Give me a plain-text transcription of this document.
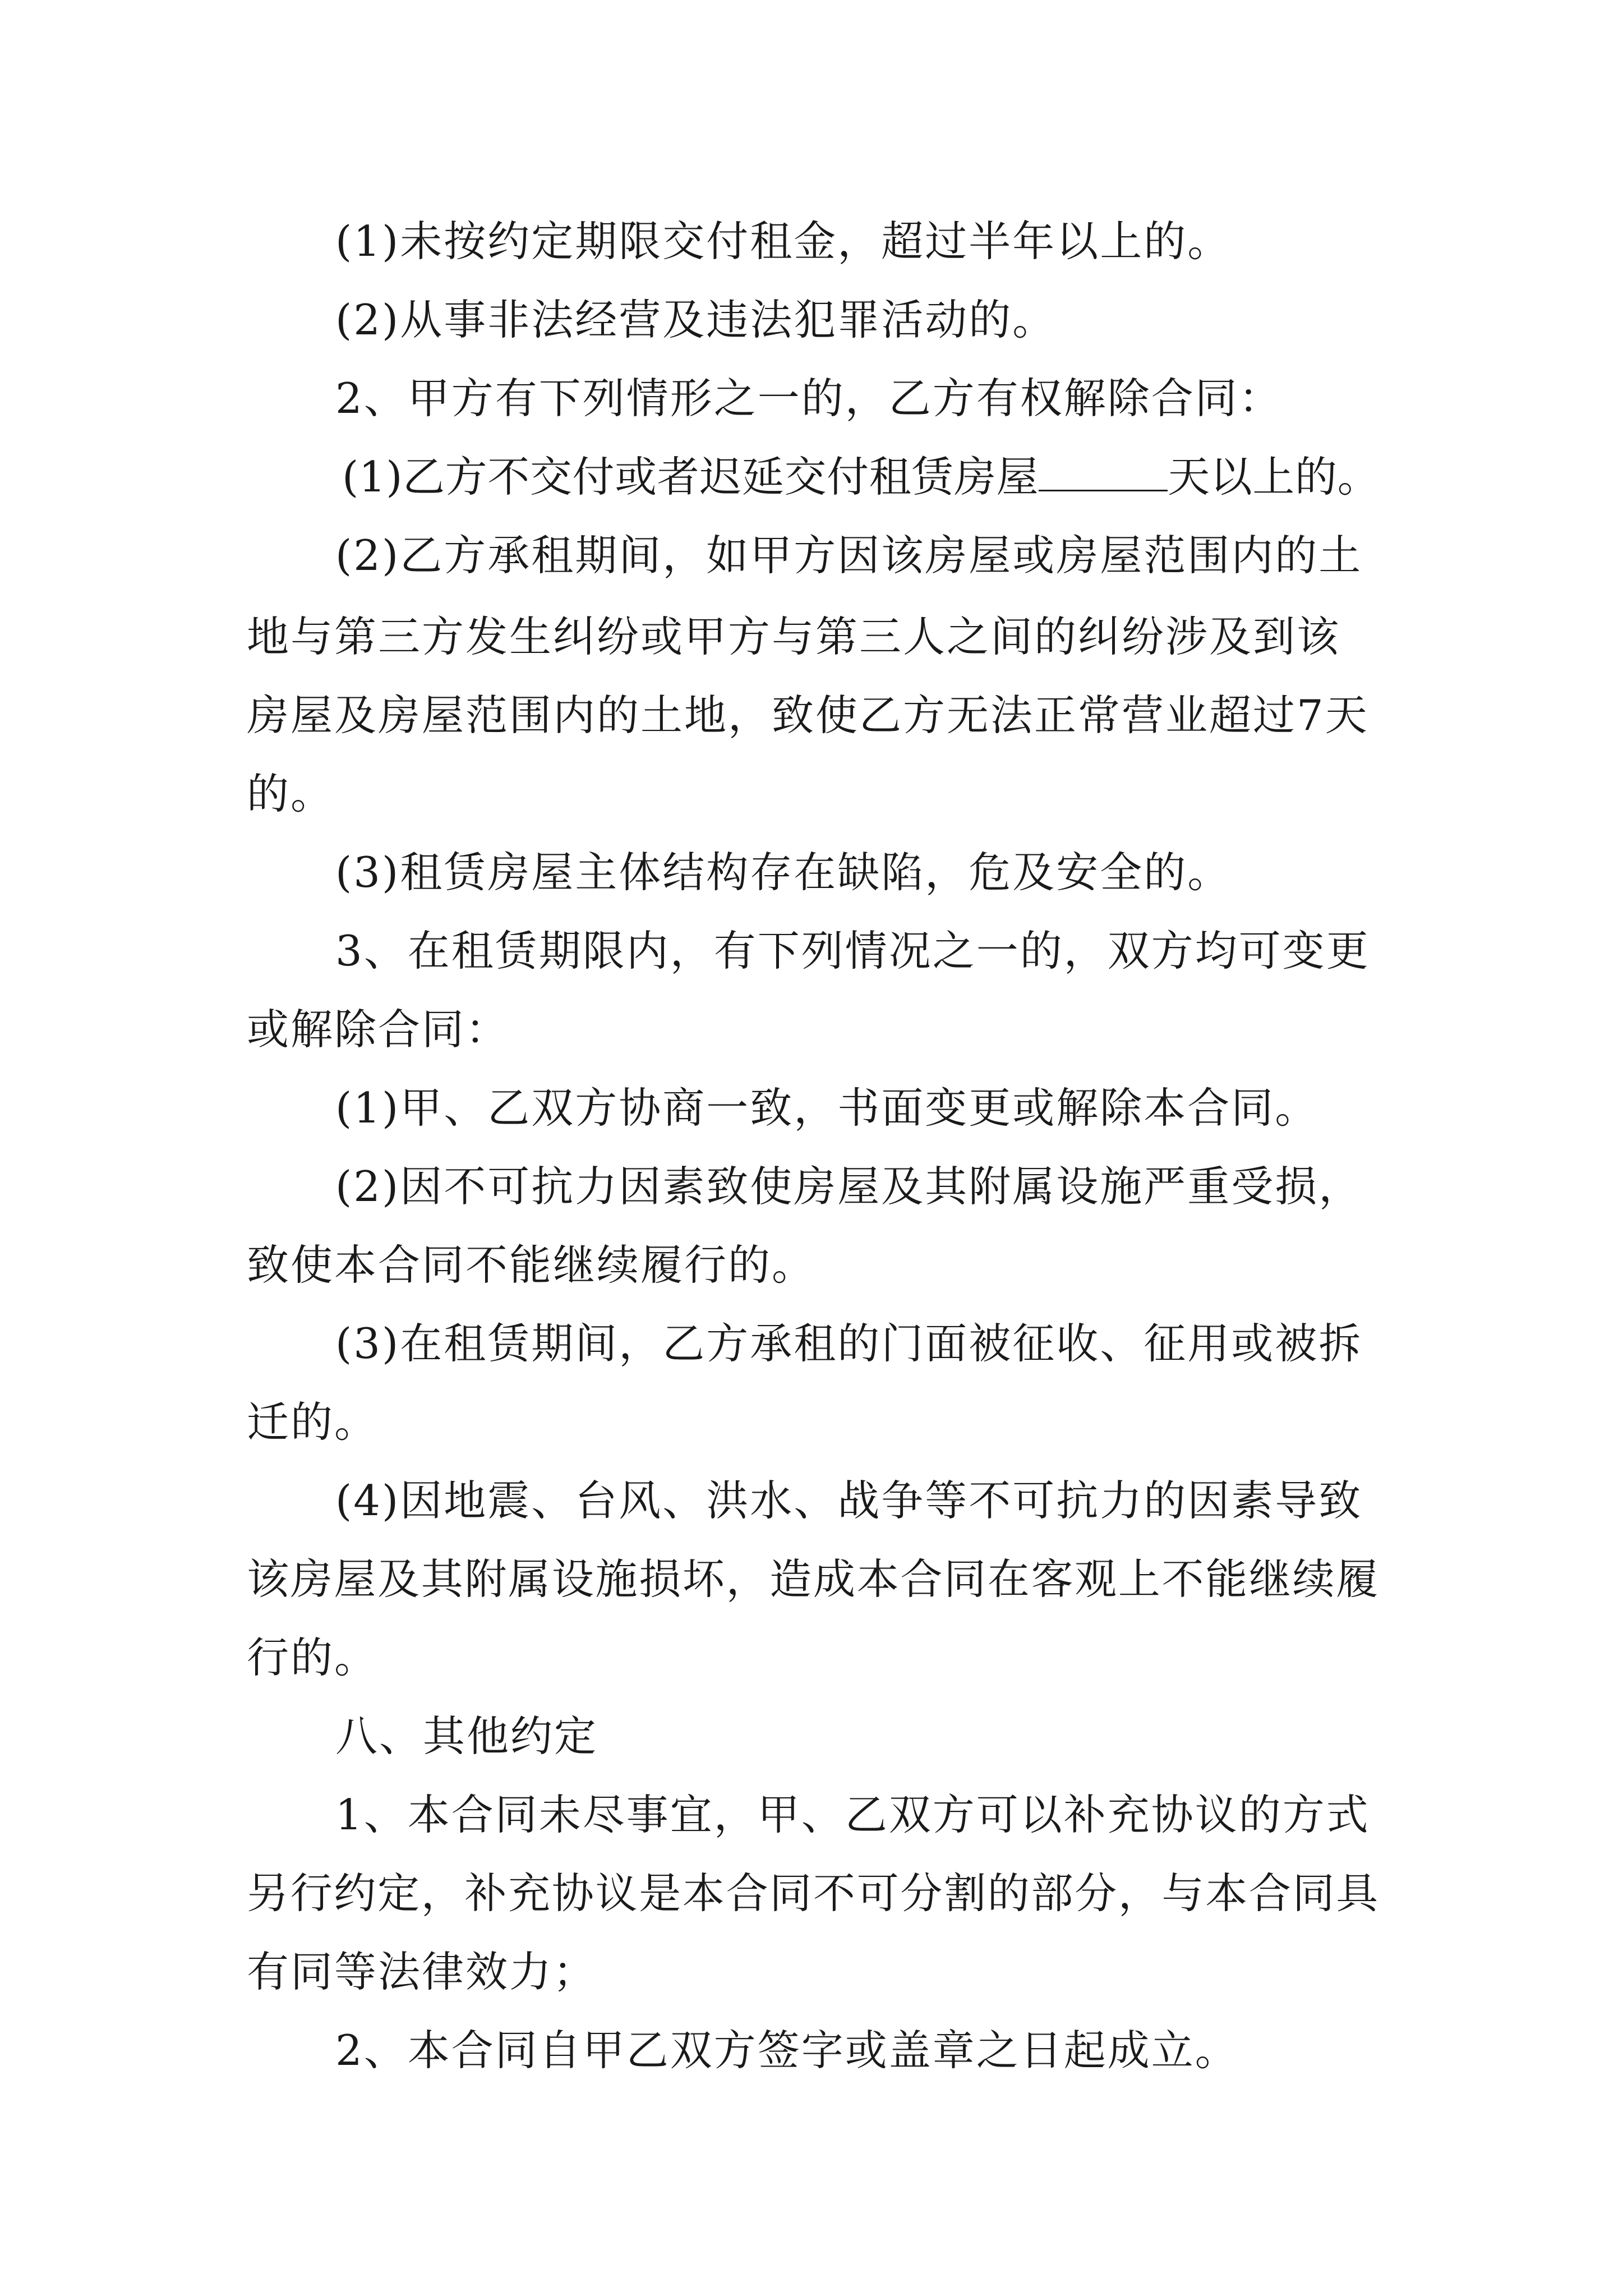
(1)未按约定期限交付租金，超过半年以上的。
(2)从事非法经营及违法犯罪活动的。
2、甲方有下列情形之一的，乙方有权解除合同：
(1)乙方不交付或者迟延交付租赁房屋	天以上的。
(2)乙方承租期间，如甲方因该房屋或房屋范围内的土
地与第三方发生纠纷或甲方与第三人之间的纠纷涉及到该
房屋及房屋范围内的土地，致使乙方无法正常营业超过7天
的。
(3)租赁房屋主体结构存在缺陷，危及安全的。
3、在租赁期限内，有下列情况之一的，双方均可变更
或解除合同：
(1)甲、乙双方协商一致，书面变更或解除本合同。
(2)因不可抗力因素致使房屋及其附属设施严重受损，
致使本合同不能继续履行的。
(3)在租赁期间，乙方承租的门面被征收、征用或被拆
迁的。
(4)因地震、台风、洪水、战争等不可抗力的因素导致
该房屋及其附属设施损坏，造成本合同在客观上不能继续履
行的。
八、其他约定
1、本合同未尽事宜，甲、乙双方可以补充协议的方式
另行约定，补充协议是本合同不可分割的部分，与本合同具
有同等法律效力；
2、本合同自甲乙双方签字或盖章之日起成立。
